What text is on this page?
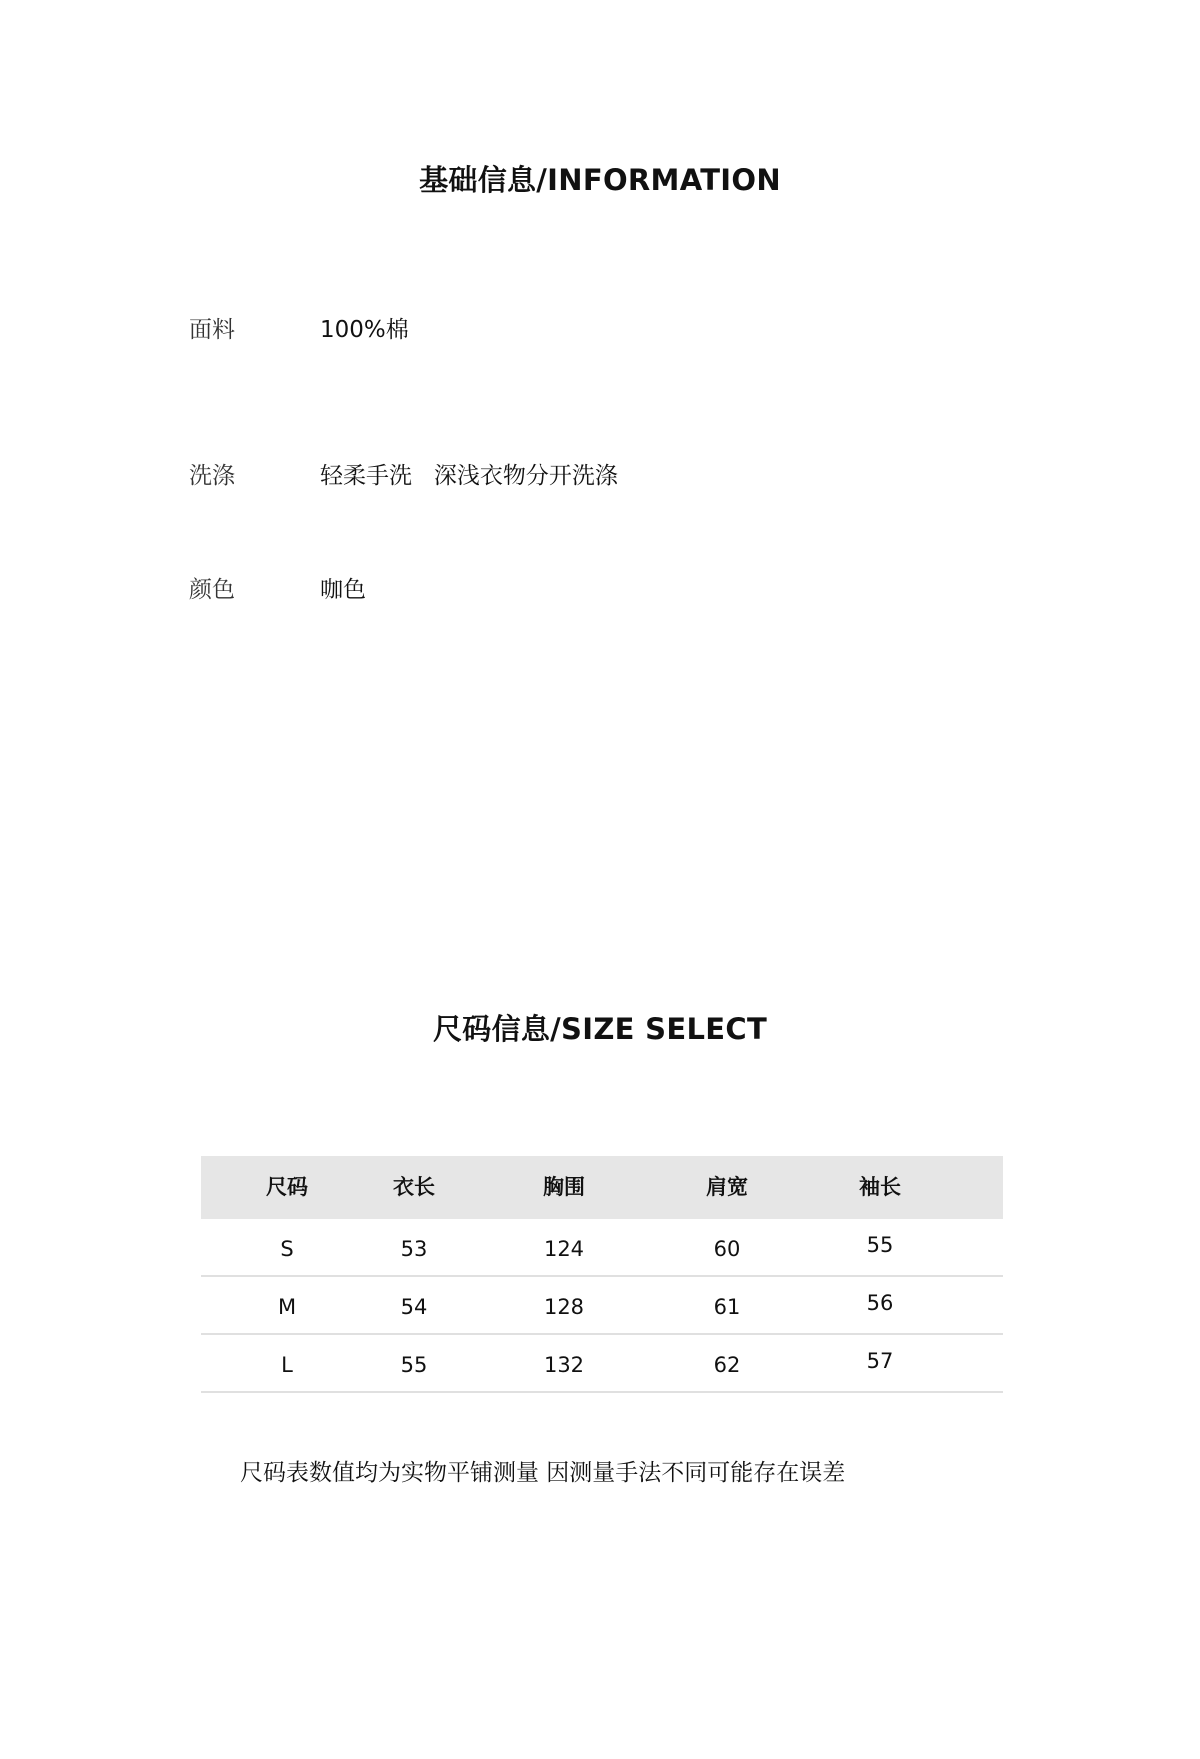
基础信息/INFORMATION
面料	100%棉
洗涤	轻柔手洗   深浅衣物分开洗涤
颜色	咖色
尺码信息/SIZE SELECT
尺码	衣长	胸围	肩宽	袖长
S	53	124	60	55
M	54	128	61	56
L	55	132	62	57
尺码表数值均为实物平铺测量 因测量手法不同可能存在误差
